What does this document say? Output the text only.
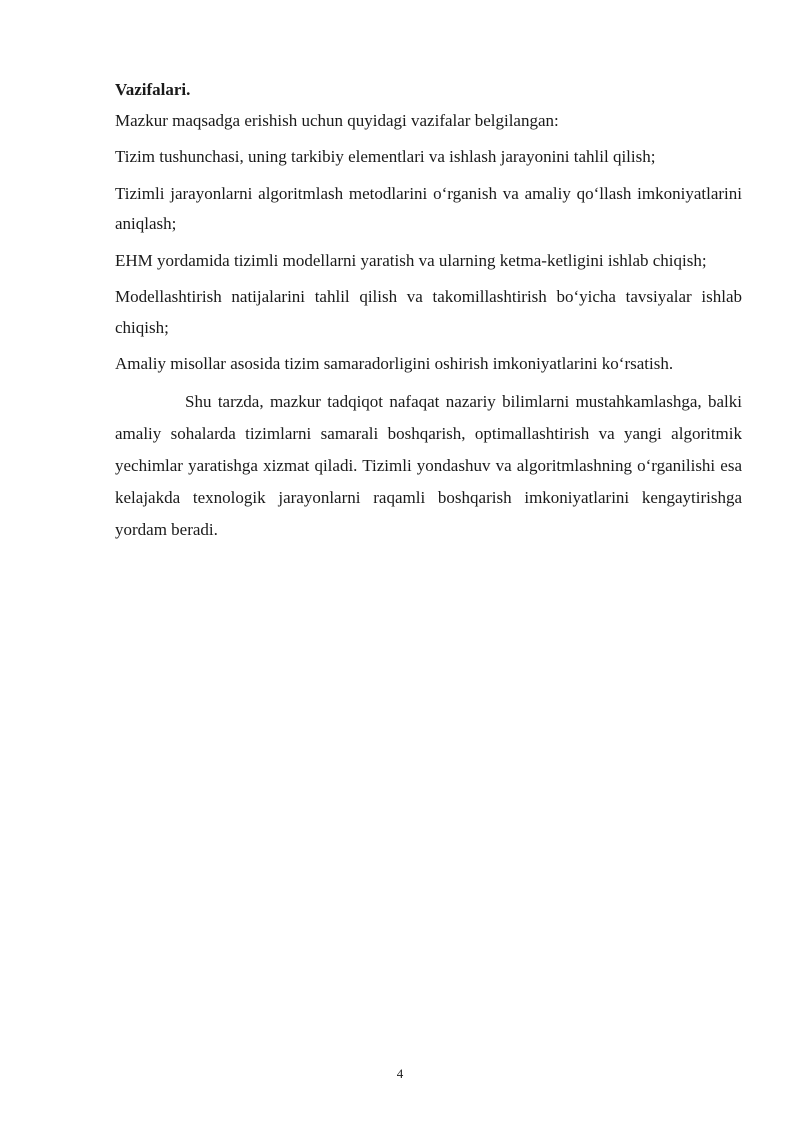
Vazifalari.

Mazkur maqsadga erishish uchun quyidagi vazifalar belgilangan:

Tizim tushunchasi, uning tarkibiy elementlari va ishlash jarayonini tahlil qilish;

Tizimli jarayonlarni algoritmlash metodlarini o‘rganish va amaliy qo‘llash imkoniyatlarini aniqlash;

EHM yordamida tizimli modellarni yaratish va ularning ketma-ketligini ishlab chiqish;

Modellashtirish natijalarini tahlil qilish va takomillashtirish bo‘yicha tavsiyalar ishlab chiqish;

Amaliy misollar asosida tizim samaradorligini oshirish imkoniyatlarini ko‘rsatish.

Shu tarzda, mazkur tadqiqot nafaqat nazariy bilimlarni mustahkamlashga, balki amaliy sohalarda tizimlarni samarali boshqarish, optimallashtirish va yangi algoritmik yechimlar yaratishga xizmat qiladi. Tizimli yondashuv va algoritmlashning o‘rganilishi esa kelajakda texnologik jarayonlarni raqamli boshqarish imkoniyatlarini kengaytirishga yordam beradi.

4
